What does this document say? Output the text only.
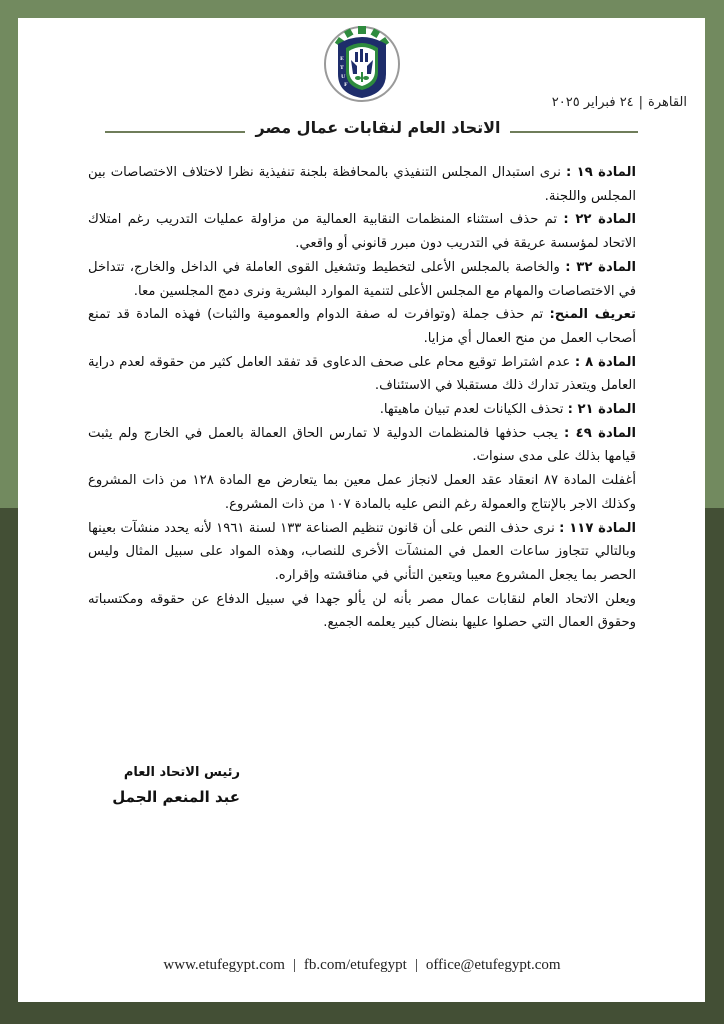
E
T
U
F
القاهرة|٢٤ فبراير ٢٠٢٥
الاتحاد العام لنقابات عمال مصر

المادة ١٩ : نرى استبدال المجلس التنفيذي بالمحافظة بلجنة تنفيذية نظرا لاختلاف الاختصاصات بين المجلس واللجنة.

المادة ٢٢ : تم حذف استثناء المنظمات النقابية العمالية من مزاولة عمليات التدريب رغم امتلاك الاتحاد لمؤسسة عريقة في التدريب دون مبرر قانوني أو واقعي.

المادة ٣٢ : والخاصة بالمجلس الأعلى لتخطيط وتشغيل القوى العاملة في الداخل والخارج، تتداخل في الاختصاصات والمهام مع المجلس الأعلى لتنمية الموارد البشرية ونرى دمج المجلسين معا.

تعريف المنح: تم حذف جملة (وتوافرت له صفة الدوام والعمومية والثبات) فهذه المادة قد تمنع أصحاب العمل من منح العمال أي مزايا.

المادة ٨ : عدم اشتراط توقيع محام على صحف الدعاوى قد تفقد العامل كثير من حقوقه لعدم دراية العامل ويتعذر تدارك ذلك مستقبلا في الاستئناف.

المادة ٢١ : تحذف الكيانات لعدم تبيان ماهيتها.

المادة ٤٩ : يجب حذفها فالمنظمات الدولية لا تمارس الحاق العمالة بالعمل في الخارج ولم يثبت قيامها بذلك على مدى سنوات.

أغفلت المادة ٨٧ انعقاد عقد العمل لانجاز عمل معين بما يتعارض مع المادة ١٢٨ من ذات المشروع وكذلك الاجر بالإنتاج والعمولة رغم النص عليه بالمادة ١٠٧ من ذات المشروع.

المادة ١١٧ : نرى حذف النص على أن قانون تنظيم الصناعة ١٣٣ لسنة ١٩٦١ لأنه يحدد منشآت بعينها وبالتالي تتجاوز ساعات العمل في المنشآت الأخرى للنصاب، وهذه المواد على سبيل المثال وليس الحصر بما يجعل المشروع معيبا ويتعين التأني في مناقشته وإقراره.

ويعلن الاتحاد العام لنقابات عمال مصر بأنه لن يألو جهدا في سبيل الدفاع عن حقوقه ومكتسباته وحقوق العمال التي حصلوا عليها بنضال كبير يعلمه الجميع.

رئيس الاتحاد العام
عبد المنعم الجمل
www.etufegypt.com | fb.com/etufegypt | office@etufegypt.com
